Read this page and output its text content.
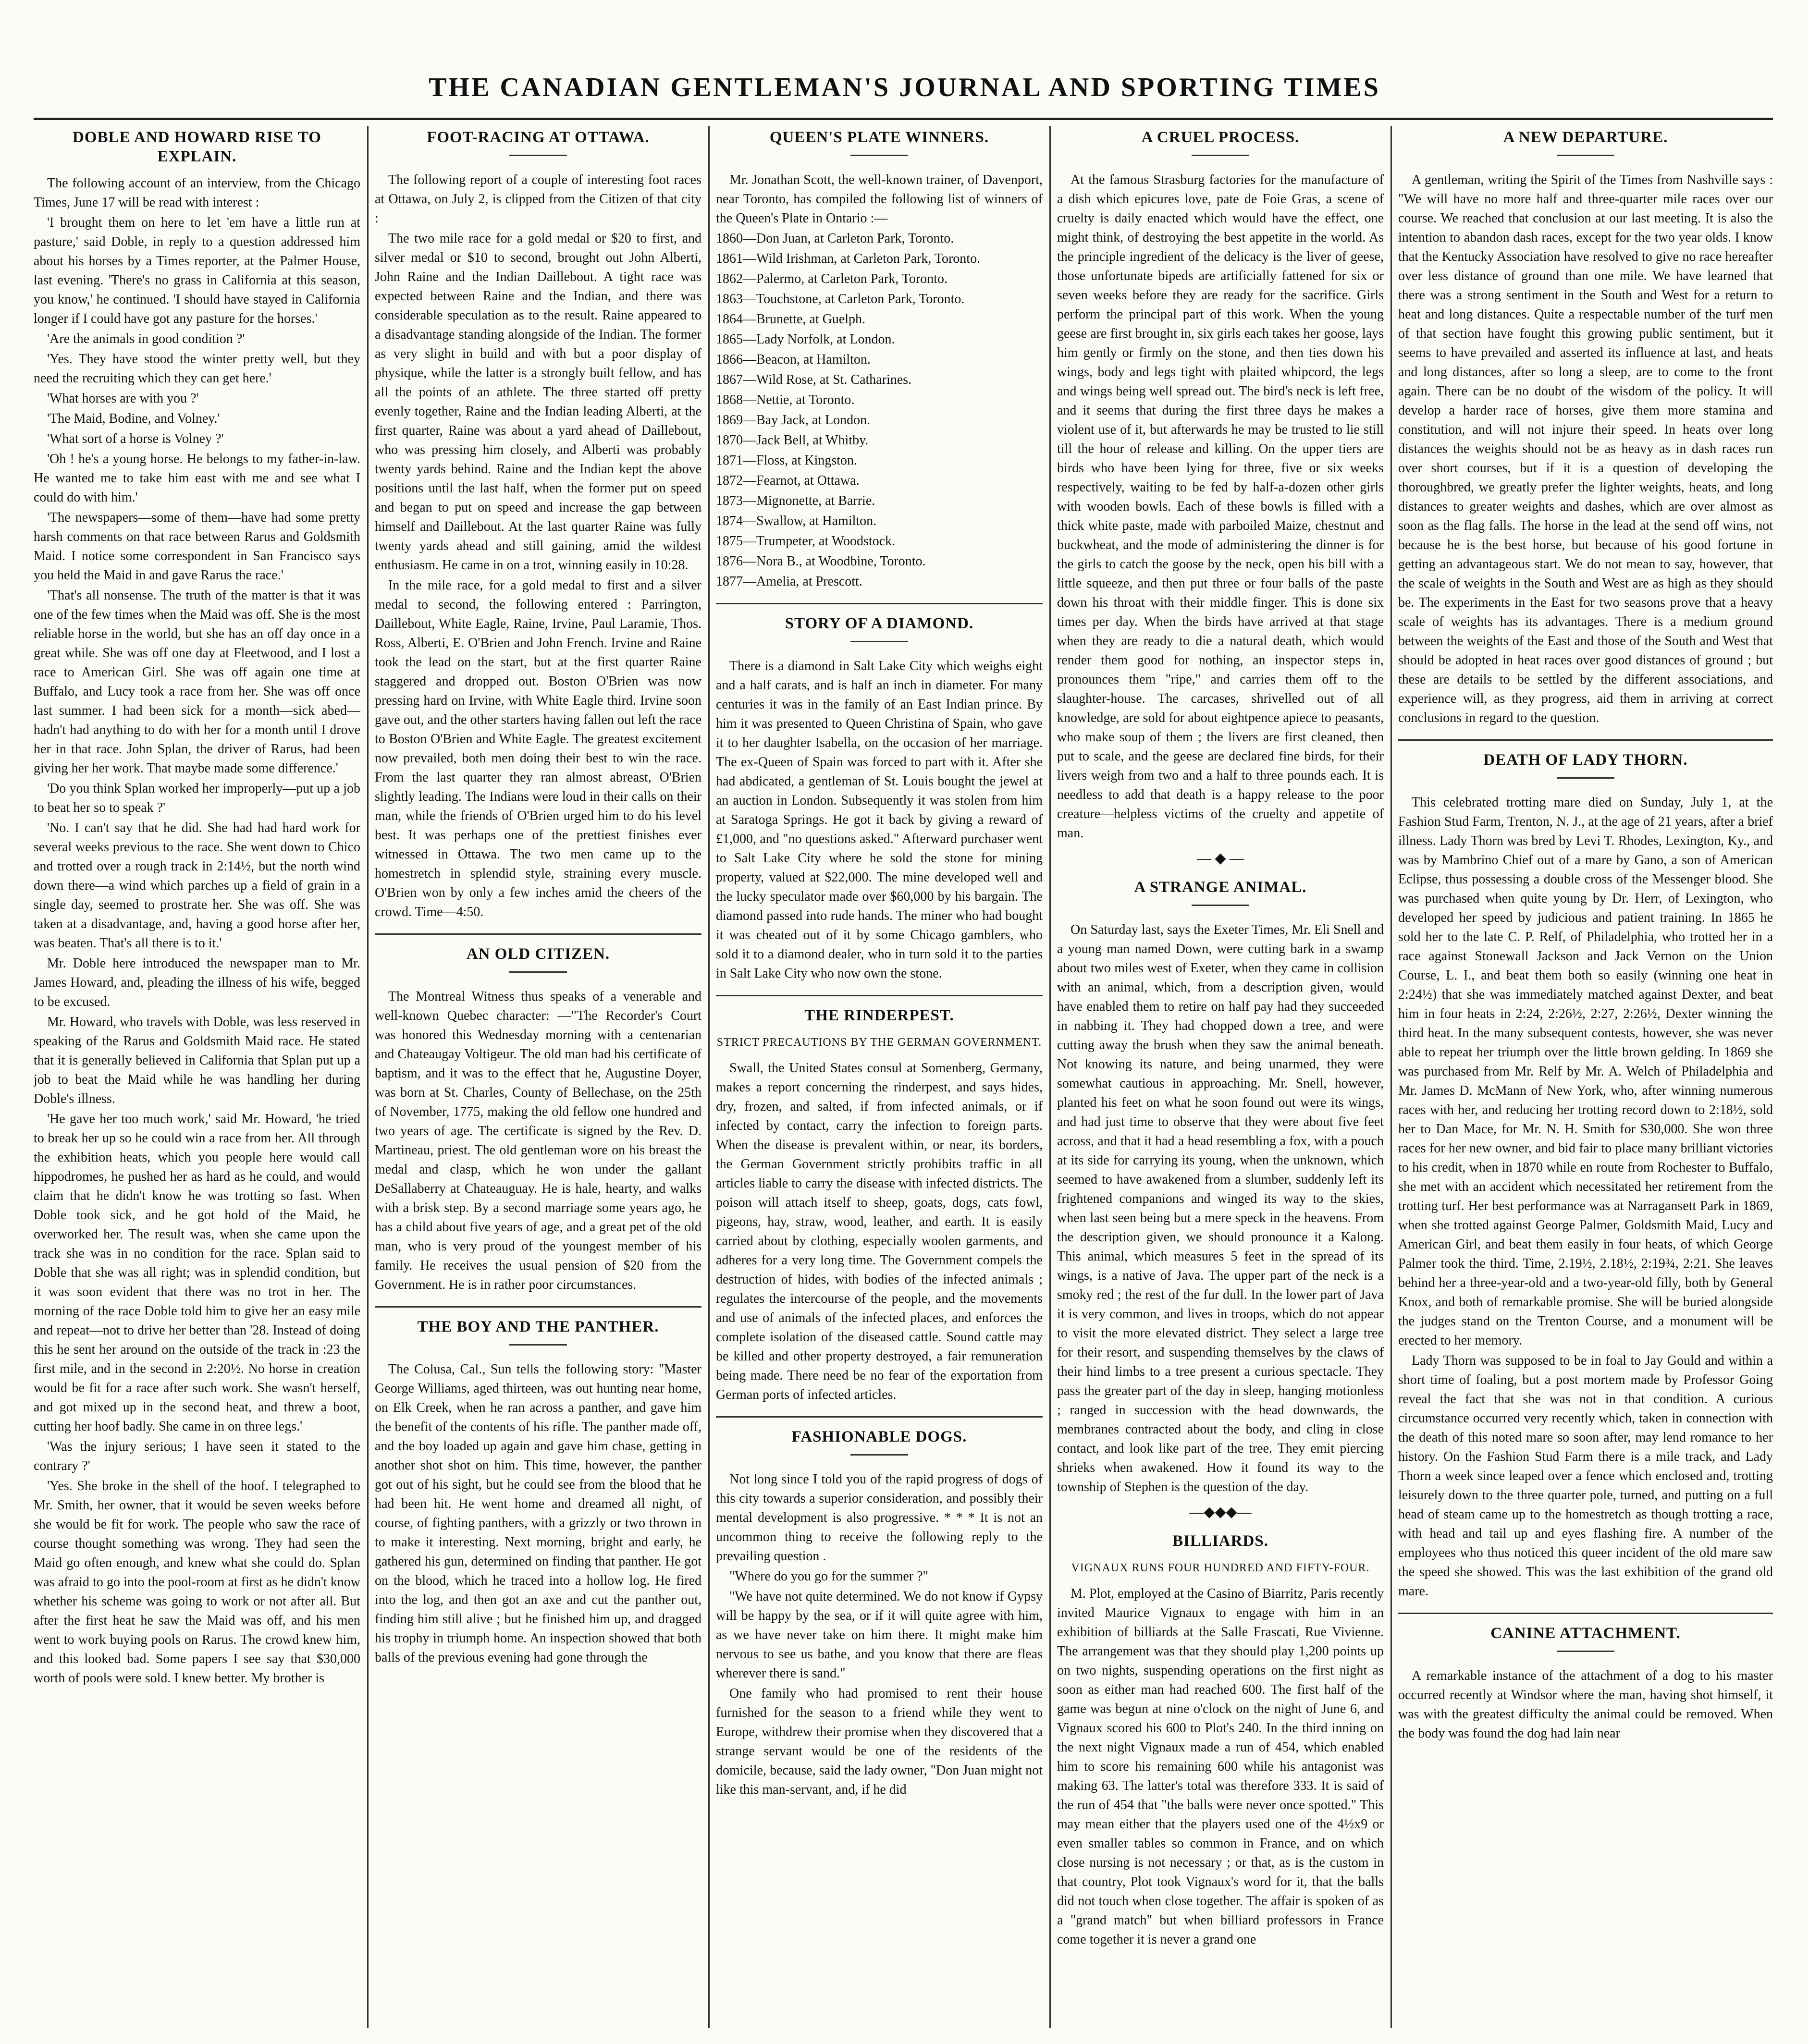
THE CANADIAN GENTLEMAN'S JOURNAL AND SPORTING TIMES
DOBLE AND HOWARD RISE TO EXPLAIN.

The following account of an interview, from the Chicago Times, June 17 will be read with interest :

'I brought them on here to let 'em have a little run at pasture,' said Doble, in reply to a question addressed him about his horses by a Times reporter, at the Palmer House, last evening. 'There's no grass in California at this season, you know,' he continued. 'I should have stayed in California longer if I could have got any pasture for the horses.'

'Are the animals in good condition ?'

'Yes. They have stood the winter pretty well, but they need the recruiting which they can get here.'

'What horses are with you ?'

'The Maid, Bodine, and Volney.'

'What sort of a horse is Volney ?'

'Oh ! he's a young horse. He belongs to my father-in-law. He wanted me to take him east with me and see what I could do with him.'

'The newspapers—some of them—have had some pretty harsh comments on that race between Rarus and Goldsmith Maid. I notice some correspondent in San Francisco says you held the Maid in and gave Rarus the race.'

'That's all nonsense. The truth of the matter is that it was one of the few times when the Maid was off. She is the most reliable horse in the world, but she has an off day once in a great while. She was off one day at Fleetwood, and I lost a race to American Girl. She was off again one time at Buffalo, and Lucy took a race from her. She was off once last summer. I had been sick for a month—sick abed—hadn't had anything to do with her for a month until I drove her in that race. John Splan, the driver of Rarus, had been giving her her work. That maybe made some difference.'

'Do you think Splan worked her improperly—put up a job to beat her so to speak ?'

'No. I can't say that he did. She had had hard work for several weeks previous to the race. She went down to Chico and trotted over a rough track in 2:14½, but the north wind down there—a wind which parches up a field of grain in a single day, seemed to prostrate her. She was off. She was taken at a disadvantage, and, having a good horse after her, was beaten. That's all there is to it.'

Mr. Doble here introduced the newspaper man to Mr. James Howard, and, pleading the illness of his wife, begged to be excused.

Mr. Howard, who travels with Doble, was less reserved in speaking of the Rarus and Goldsmith Maid race. He stated that it is generally believed in California that Splan put up a job to beat the Maid while he was handling her during Doble's illness.

'He gave her too much work,' said Mr. Howard, 'he tried to break her up so he could win a race from her. All through the exhibition heats, which you people here would call hippodromes, he pushed her as hard as he could, and would claim that he didn't know he was trotting so fast. When Doble took sick, and he got hold of the Maid, he overworked her. The result was, when she came upon the track she was in no condition for the race. Splan said to Doble that she was all right; was in splendid condition, but it was soon evident that there was no trot in her. The morning of the race Doble told him to give her an easy mile and repeat—not to drive her better than '28. Instead of doing this he sent her around on the outside of the track in :23 the first mile, and in the second in 2:20½. No horse in creation would be fit for a race after such work. She wasn't herself, and got mixed up in the second heat, and threw a boot, cutting her hoof badly. She came in on three legs.'

'Was the injury serious; I have seen it stated to the contrary ?'

'Yes. She broke in the shell of the hoof. I telegraphed to Mr. Smith, her owner, that it would be seven weeks before she would be fit for work. The people who saw the race of course thought something was wrong. They had seen the Maid go often enough, and knew what she could do. Splan was afraid to go into the pool-room at first as he didn't know whether his scheme was going to work or not after all. But after the first heat he saw the Maid was off, and his men went to work buying pools on Rarus. The crowd knew him, and this looked bad. Some papers I see say that $30,000 worth of pools were sold. I knew better. My brother is

FOOT-RACING AT OTTAWA.

The following report of a couple of interesting foot races at Ottawa, on July 2, is clipped from the Citizen of that city :

The two mile race for a gold medal or $20 to first, and silver medal or $10 to second, brought out John Alberti, John Raine and the Indian Daillebout. A tight race was expected between Raine and the Indian, and there was considerable speculation as to the result. Raine appeared to a disadvantage standing alongside of the Indian. The former as very slight in build and with but a poor display of physique, while the latter is a strongly built fellow, and has all the points of an athlete. The three started off pretty evenly together, Raine and the Indian leading Alberti, at the first quarter, Raine was about a yard ahead of Daillebout, who was pressing him closely, and Alberti was probably twenty yards behind. Raine and the Indian kept the above positions until the last half, when the former put on speed and began to put on speed and increase the gap between himself and Daillebout. At the last quarter Raine was fully twenty yards ahead and still gaining, amid the wildest enthusiasm. He came in on a trot, winning easily in 10:28.

In the mile race, for a gold medal to first and a silver medal to second, the following entered : Parrington, Daillebout, White Eagle, Raine, Irvine, Paul Laramie, Thos. Ross, Alberti, E. O'Brien and John French. Irvine and Raine took the lead on the start, but at the first quarter Raine staggered and dropped out. Boston O'Brien was now pressing hard on Irvine, with White Eagle third. Irvine soon gave out, and the other starters having fallen out left the race to Boston O'Brien and White Eagle. The greatest excitement now prevailed, both men doing their best to win the race. From the last quarter they ran almost abreast, O'Brien slightly leading. The Indians were loud in their calls on their man, while the friends of O'Brien urged him to do his level best. It was perhaps one of the prettiest finishes ever witnessed in Ottawa. The two men came up to the homestretch in splendid style, straining every muscle. O'Brien won by only a few inches amid the cheers of the crowd. Time—4:50.

AN OLD CITIZEN.

The Montreal Witness thus speaks of a venerable and well-known Quebec character: —"The Recorder's Court was honored this Wednesday morning with a centenarian and Chateaugay Voltigeur. The old man had his certificate of baptism, and it was to the effect that he, Augustine Doyer, was born at St. Charles, County of Bellechase, on the 25th of November, 1775, making the old fellow one hundred and two years of age. The certificate is signed by the Rev. D. Martineau, priest. The old gentleman wore on his breast the medal and clasp, which he won under the gallant DeSallaberry at Chateauguay. He is hale, hearty, and walks with a brisk step. By a second marriage some years ago, he has a child about five years of age, and a great pet of the old man, who is very proud of the youngest member of his family. He receives the usual pension of $20 from the Government. He is in rather poor circumstances.

THE BOY AND THE PANTHER.

The Colusa, Cal., Sun tells the following story: "Master George Williams, aged thirteen, was out hunting near home, on Elk Creek, when he ran across a panther, and gave him the benefit of the contents of his rifle. The panther made off, and the boy loaded up again and gave him chase, getting in another shot shot on him. This time, however, the panther got out of his sight, but he could see from the blood that he had been hit. He went home and dreamed all night, of course, of fighting panthers, with a grizzly or two thrown in to make it interesting. Next morning, bright and early, he gathered his gun, determined on finding that panther. He got on the blood, which he traced into a hollow log. He fired into the log, and then got an axe and cut the panther out, finding him still alive ; but he finished him up, and dragged his trophy in triumph home. An inspection showed that both balls of the previous evening had gone through the

QUEEN'S PLATE WINNERS.

Mr. Jonathan Scott, the well-known trainer, of Davenport, near Toronto, has compiled the following list of winners of the Queen's Plate in Ontario :—

1860—Don Juan, at Carleton Park, Toronto.

1861—Wild Irishman, at Carleton Park, Toronto.

1862—Palermo, at Carleton Park, Toronto.

1863—Touchstone, at Carleton Park, Toronto.

1864—Brunette, at Guelph.

1865—Lady Norfolk, at London.

1866—Beacon, at Hamilton.

1867—Wild Rose, at St. Catharines.

1868—Nettie, at Toronto.

1869—Bay Jack, at London.

1870—Jack Bell, at Whitby.

1871—Floss, at Kingston.

1872—Fearnot, at Ottawa.

1873—Mignonette, at Barrie.

1874—Swallow, at Hamilton.

1875—Trumpeter, at Woodstock.

1876—Nora B., at Woodbine, Toronto.

1877—Amelia, at Prescott.

STORY OF A DIAMOND.

There is a diamond in Salt Lake City which weighs eight and a half carats, and is half an inch in diameter. For many centuries it was in the family of an East Indian prince. By him it was presented to Queen Christina of Spain, who gave it to her daughter Isabella, on the occasion of her marriage. The ex-Queen of Spain was forced to part with it. After she had abdicated, a gentleman of St. Louis bought the jewel at an auction in London. Subsequently it was stolen from him at Saratoga Springs. He got it back by giving a reward of £1,000, and "no questions asked." Afterward purchaser went to Salt Lake City where he sold the stone for mining property, valued at $22,000. The mine developed well and the lucky speculator made over $60,000 by his bargain. The diamond passed into rude hands. The miner who had bought it was cheated out of it by some Chicago gamblers, who sold it to a diamond dealer, who in turn sold it to the parties in Salt Lake City who now own the stone.

THE RINDERPEST.
STRICT PRECAUTIONS BY THE GERMAN GOVERNMENT.

Swall, the United States consul at Somenberg, Germany, makes a report concerning the rinderpest, and says hides, dry, frozen, and salted, if from infected animals, or if infected by contact, carry the infection to foreign parts. When the disease is prevalent within, or near, its borders, the German Government strictly prohibits traffic in all articles liable to carry the disease with infected districts. The poison will attach itself to sheep, goats, dogs, cats fowl, pigeons, hay, straw, wood, leather, and earth. It is easily carried about by clothing, especially woolen garments, and adheres for a very long time. The Government compels the destruction of hides, with bodies of the infected animals ; regulates the intercourse of the people, and the movements and use of animals of the infected places, and enforces the complete isolation of the diseased cattle. Sound cattle may be killed and other property destroyed, a fair remuneration being made. There need be no fear of the exportation from German ports of infected articles.

FASHIONABLE DOGS.

Not long since I told you of the rapid progress of dogs of this city towards a superior consideration, and possibly their mental development is also progressive. * * * It is not an uncommon thing to receive the following reply to the prevailing question .

"Where do you go for the summer ?"

"We have not quite determined. We do not know if Gypsy will be happy by the sea, or if it will quite agree with him, as we have never take on him there. It might make him nervous to see us bathe, and you know that there are fleas wherever there is sand."

One family who had promised to rent their house furnished for the season to a friend while they went to Europe, withdrew their promise when they discovered that a strange servant would be one of the residents of the domicile, because, said the lady owner, "Don Juan might not like this man-servant, and, if he did

A CRUEL PROCESS.

At the famous Strasburg factories for the manufacture of a dish which epicures love, pate de Foie Gras, a scene of cruelty is daily enacted which would have the effect, one might think, of destroying the best appetite in the world. As the principle ingredient of the delicacy is the liver of geese, those unfortunate bipeds are artificially fattened for six or seven weeks before they are ready for the sacrifice. Girls perform the principal part of this work. When the young geese are first brought in, six girls each takes her goose, lays him gently or firmly on the stone, and then ties down his wings, body and legs tight with plaited whipcord, the legs and wings being well spread out. The bird's neck is left free, and it seems that during the first three days he makes a violent use of it, but afterwards he may be trusted to lie still till the hour of release and killing. On the upper tiers are birds who have been lying for three, five or six weeks respectively, waiting to be fed by half-a-dozen other girls with wooden bowls. Each of these bowls is filled with a thick white paste, made with parboiled Maize, chestnut and buckwheat, and the mode of administering the dinner is for the girls to catch the goose by the neck, open his bill with a little squeeze, and then put three or four balls of the paste down his throat with their middle finger. This is done six times per day. When the birds have arrived at that stage when they are ready to die a natural death, which would render them good for nothing, an inspector steps in, pronounces them "ripe," and carries them off to the slaughter-house. The carcases, shrivelled out of all knowledge, are sold for about eightpence apiece to peasants, who make soup of them ; the livers are first cleaned, then put to scale, and the geese are declared fine birds, for their livers weigh from two and a half to three pounds each. It is needless to add that death is a happy release to the poor creature—helpless victims of the cruelty and appetite of man.

— ◆ —
A STRANGE ANIMAL.

On Saturday last, says the Exeter Times, Mr. Eli Snell and a young man named Down, were cutting bark in a swamp about two miles west of Exeter, when they came in collision with an animal, which, from a description given, would have enabled them to retire on half pay had they succeeded in nabbing it. They had chopped down a tree, and were cutting away the brush when they saw the animal beneath. Not knowing its nature, and being unarmed, they were somewhat cautious in approaching. Mr. Snell, however, planted his feet on what he soon found out were its wings, and had just time to observe that they were about five feet across, and that it had a head resembling a fox, with a pouch at its side for carrying its young, when the unknown, which seemed to have awakened from a slumber, suddenly left its frightened companions and winged its way to the skies, when last seen being but a mere speck in the heavens. From the description given, we should pronounce it a Kalong. This animal, which measures 5 feet in the spread of its wings, is a native of Java. The upper part of the neck is a smoky red ; the rest of the fur dull. In the lower part of Java it is very common, and lives in troops, which do not appear to visit the more elevated district. They select a large tree for their resort, and suspending themselves by the claws of their hind limbs to a tree present a curious spectacle. They pass the greater part of the day in sleep, hanging motionless ; ranged in succession with the head downwards, the membranes contracted about the body, and cling in close contact, and look like part of the tree. They emit piercing shrieks when awakened. How it found its way to the township of Stephen is the question of the day.

—◆◆◆—
BILLIARDS.
VIGNAUX RUNS FOUR HUNDRED AND FIFTY-FOUR.

M. Plot, employed at the Casino of Biarritz, Paris recently invited Maurice Vignaux to engage with him in an exhibition of billiards at the Salle Frascati, Rue Vivienne. The arrangement was that they should play 1,200 points up on two nights, suspending operations on the first night as soon as either man had reached 600. The first half of the game was begun at nine o'clock on the night of June 6, and Vignaux scored his 600 to Plot's 240. In the third inning on the next night Vignaux made a run of 454, which enabled him to score his remaining 600 while his antagonist was making 63. The latter's total was therefore 333. It is said of the run of 454 that "the balls were never once spotted." This may mean either that the players used one of the 4½x9 or even smaller tables so common in France, and on which close nursing is not necessary ; or that, as is the custom in that country, Plot took Vignaux's word for it, that the balls did not touch when close together. The affair is spoken of as a "grand match" but when billiard professors in France come together it is never a grand one

A NEW DEPARTURE.

A gentleman, writing the Spirit of the Times from Nashville says : "We will have no more half and three-quarter mile races over our course. We reached that conclusion at our last meeting. It is also the intention to abandon dash races, except for the two year olds. I know that the Kentucky Association have resolved to give no race hereafter over less distance of ground than one mile. We have learned that there was a strong sentiment in the South and West for a return to heat and long distances. Quite a respectable number of the turf men of that section have fought this growing public sentiment, but it seems to have prevailed and asserted its influence at last, and heats and long distances, after so long a sleep, are to come to the front again. There can be no doubt of the wisdom of the policy. It will develop a harder race of horses, give them more stamina and constitution, and will not injure their speed. In heats over long distances the weights should not be as heavy as in dash races run over short courses, but if it is a question of developing the thoroughbred, we greatly prefer the lighter weights, heats, and long distances to greater weights and dashes, which are over almost as soon as the flag falls. The horse in the lead at the send off wins, not because he is the best horse, but because of his good fortune in getting an advantageous start. We do not mean to say, however, that the scale of weights in the South and West are as high as they should be. The experiments in the East for two seasons prove that a heavy scale of weights has its advantages. There is a medium ground between the weights of the East and those of the South and West that should be adopted in heat races over good distances of ground ; but these are details to be settled by the different associations, and experience will, as they progress, aid them in arriving at correct conclusions in regard to the question.

DEATH OF LADY THORN.

This celebrated trotting mare died on Sunday, July 1, at the Fashion Stud Farm, Trenton, N. J., at the age of 21 years, after a brief illness. Lady Thorn was bred by Levi T. Rhodes, Lexington, Ky., and was by Mambrino Chief out of a mare by Gano, a son of American Eclipse, thus possessing a double cross of the Messenger blood. She was purchased when quite young by Dr. Herr, of Lexington, who developed her speed by judicious and patient training. In 1865 he sold her to the late C. P. Relf, of Philadelphia, who trotted her in a race against Stonewall Jackson and Jack Vernon on the Union Course, L. I., and beat them both so easily (winning one heat in 2:24½) that she was immediately matched against Dexter, and beat him in four heats in 2:24, 2:26½, 2:27, 2:26½, Dexter winning the third heat. In the many subsequent contests, however, she was never able to repeat her triumph over the little brown gelding. In 1869 she was purchased from Mr. Relf by Mr. A. Welch of Philadelphia and Mr. James D. McMann of New York, who, after winning numerous races with her, and reducing her trotting record down to 2:18½, sold her to Dan Mace, for Mr. N. H. Smith for $30,000. She won three races for her new owner, and bid fair to place many brilliant victories to his credit, when in 1870 while en route from Rochester to Buffalo, she met with an accident which necessitated her retirement from the trotting turf. Her best performance was at Narragansett Park in 1869, when she trotted against George Palmer, Goldsmith Maid, Lucy and American Girl, and beat them easily in four heats, of which George Palmer took the third. Time, 2.19½, 2.18½, 2:19¾, 2:21. She leaves behind her a three-year-old and a two-year-old filly, both by General Knox, and both of remarkable promise. She will be buried alongside the judges stand on the Trenton Course, and a monument will be erected to her memory.

Lady Thorn was supposed to be in foal to Jay Gould and within a short time of foaling, but a post mortem made by Professor Going reveal the fact that she was not in that condition. A curious circumstance occurred very recently which, taken in connection with the death of this noted mare so soon after, may lend romance to her history. On the Fashion Stud Farm there is a mile track, and Lady Thorn a week since leaped over a fence which enclosed and, trotting leisurely down to the three quarter pole, turned, and putting on a full head of steam came up to the homestretch as though trotting a race, with head and tail up and eyes flashing fire. A number of the employees who thus noticed this queer incident of the old mare saw the speed she showed. This was the last exhibition of the grand old mare.

CANINE ATTACHMENT.

A remarkable instance of the attachment of a dog to his master occurred recently at Windsor where the man, having shot himself, it was with the greatest difficulty the animal could be removed. When the body was found the dog had lain near
